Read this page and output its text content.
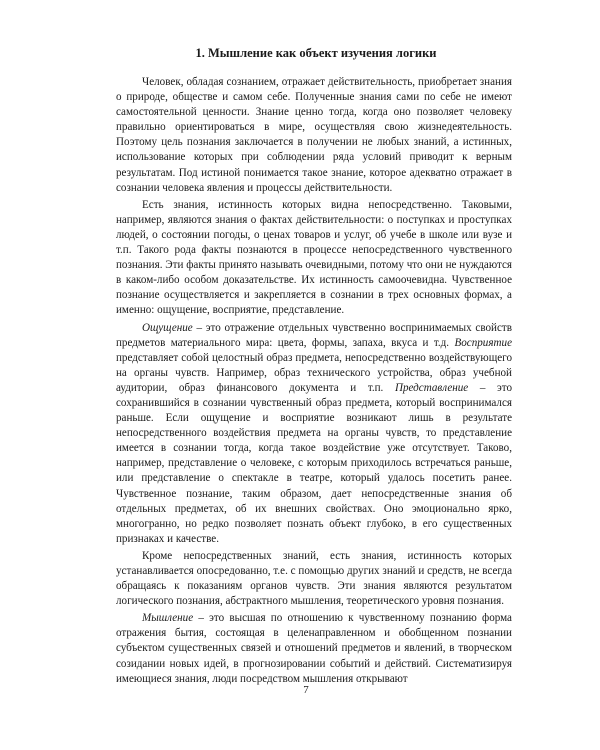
1. Мышление как объект изучения логики

Человек, обладая сознанием, отражает действительность, приобретает знания о природе, обществе и самом себе. Полученные знания сами по себе не имеют самостоятельной ценности. Знание ценно тогда, когда оно позволяет человеку правильно ориентироваться в мире, осуществляя свою жизнедеятельность. Поэтому цель познания заключается в получении не любых знаний, а истинных, использование которых при соблюдении ряда условий приводит к верным результатам. Под истиной понимается такое знание, которое адекватно отражает в сознании человека явления и процессы действительности.

Есть знания, истинность которых видна непосредственно. Таковыми, например, являются знания о фактах действительности: о поступках и проступках людей, о состоянии погоды, о ценах товаров и услуг, об учебе в школе или вузе и т.п. Такого рода факты познаются в процессе непосредственного чувственного познания. Эти факты принято называть очевидными, потому что они не нуждаются в каком-либо особом доказательстве. Их истинность самоочевидна. Чувственное познание осуществляется и закрепляется в сознании в трех основных формах, а именно: ощущение, восприятие, представление.

Ощущение – это отражение отдельных чувственно воспринимаемых свойств предметов материального мира: цвета, формы, запаха, вкуса и т.д. Восприятие представляет собой целостный образ предмета, непосредственно воздействующего на органы чувств. Например, образ технического устройства, образ учебной аудитории, образ финансового документа и т.п. Представление – это сохранившийся в сознании чувственный образ предмета, который воспринимался раньше. Если ощущение и восприятие возникают лишь в результате непосредственного воздействия предмета на органы чувств, то представление имеется в сознании тогда, когда такое воздействие уже отсутствует. Таково, например, представление о человеке, с которым приходилось встречаться раньше, или представление о спектакле в театре, который удалось посетить ранее. Чувственное познание, таким образом, дает непосредственные знания об отдельных предметах, об их внешних свойствах. Оно эмоционально ярко, многогранно, но редко позволяет познать объект глубоко, в его существенных признаках и качестве.

Кроме непосредственных знаний, есть знания, истинность которых устанавливается опосредованно, т.е. с помощью других знаний и средств, не всегда обращаясь к показаниям органов чувств. Эти знания являются результатом логического познания, абстрактного мышления, теоретического уровня познания.

Мышление – это высшая по отношению к чувственному познанию форма отражения бытия, состоящая в целенаправленном и обобщенном познании субъектом существенных связей и отношений предметов и явлений, в творческом созидании новых идей, в прогнозировании событий и действий. Систематизируя имеющиеся знания, люди посредством мышления открывают

7
